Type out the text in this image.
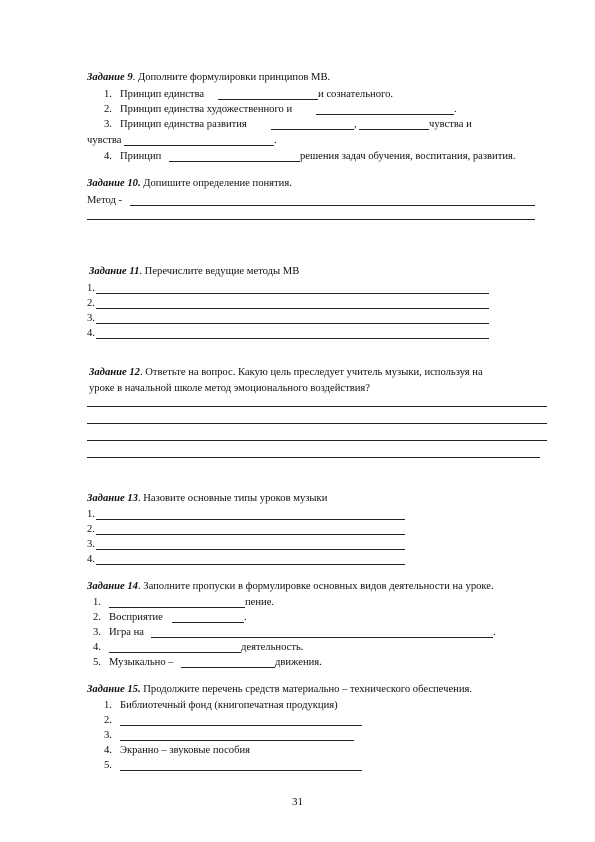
Задание 9. Дополните формулировки принципов МВ.
1. Принцип единства	и сознательного.
2. Принцип единства художественного и	.
3. Принцип единства развития	,	чувства и
чувства	.
4. Принцип	решения задач обучения, воспитания, развития.
Задание 10. Допишите определение понятия.
Метод -
Задание 11. Перечислите ведущие методы МВ
1.
2.
3.
4.
Задание 12. Ответьте на вопрос. Какую цель преследует учитель музыки, используя на
уроке в начальной школе метод эмоционального воздействия?
Задание 13. Назовите основные типы уроков музыки
1.
2.
3.
4.
Задание 14. Заполните пропуски в формулировке основных видов деятельности на уроке.
1.	пение.
2. Восприятие	.
3. Игра на	.
4.	деятельность.
5. Музыкально –	движения.
Задание 15. Продолжите перечень средств материально – технического обеспечения.
1. Библиотечный фонд (книгопечатная продукция)
2.
3.
4. Экранно – звуковые пособия
5.
31
